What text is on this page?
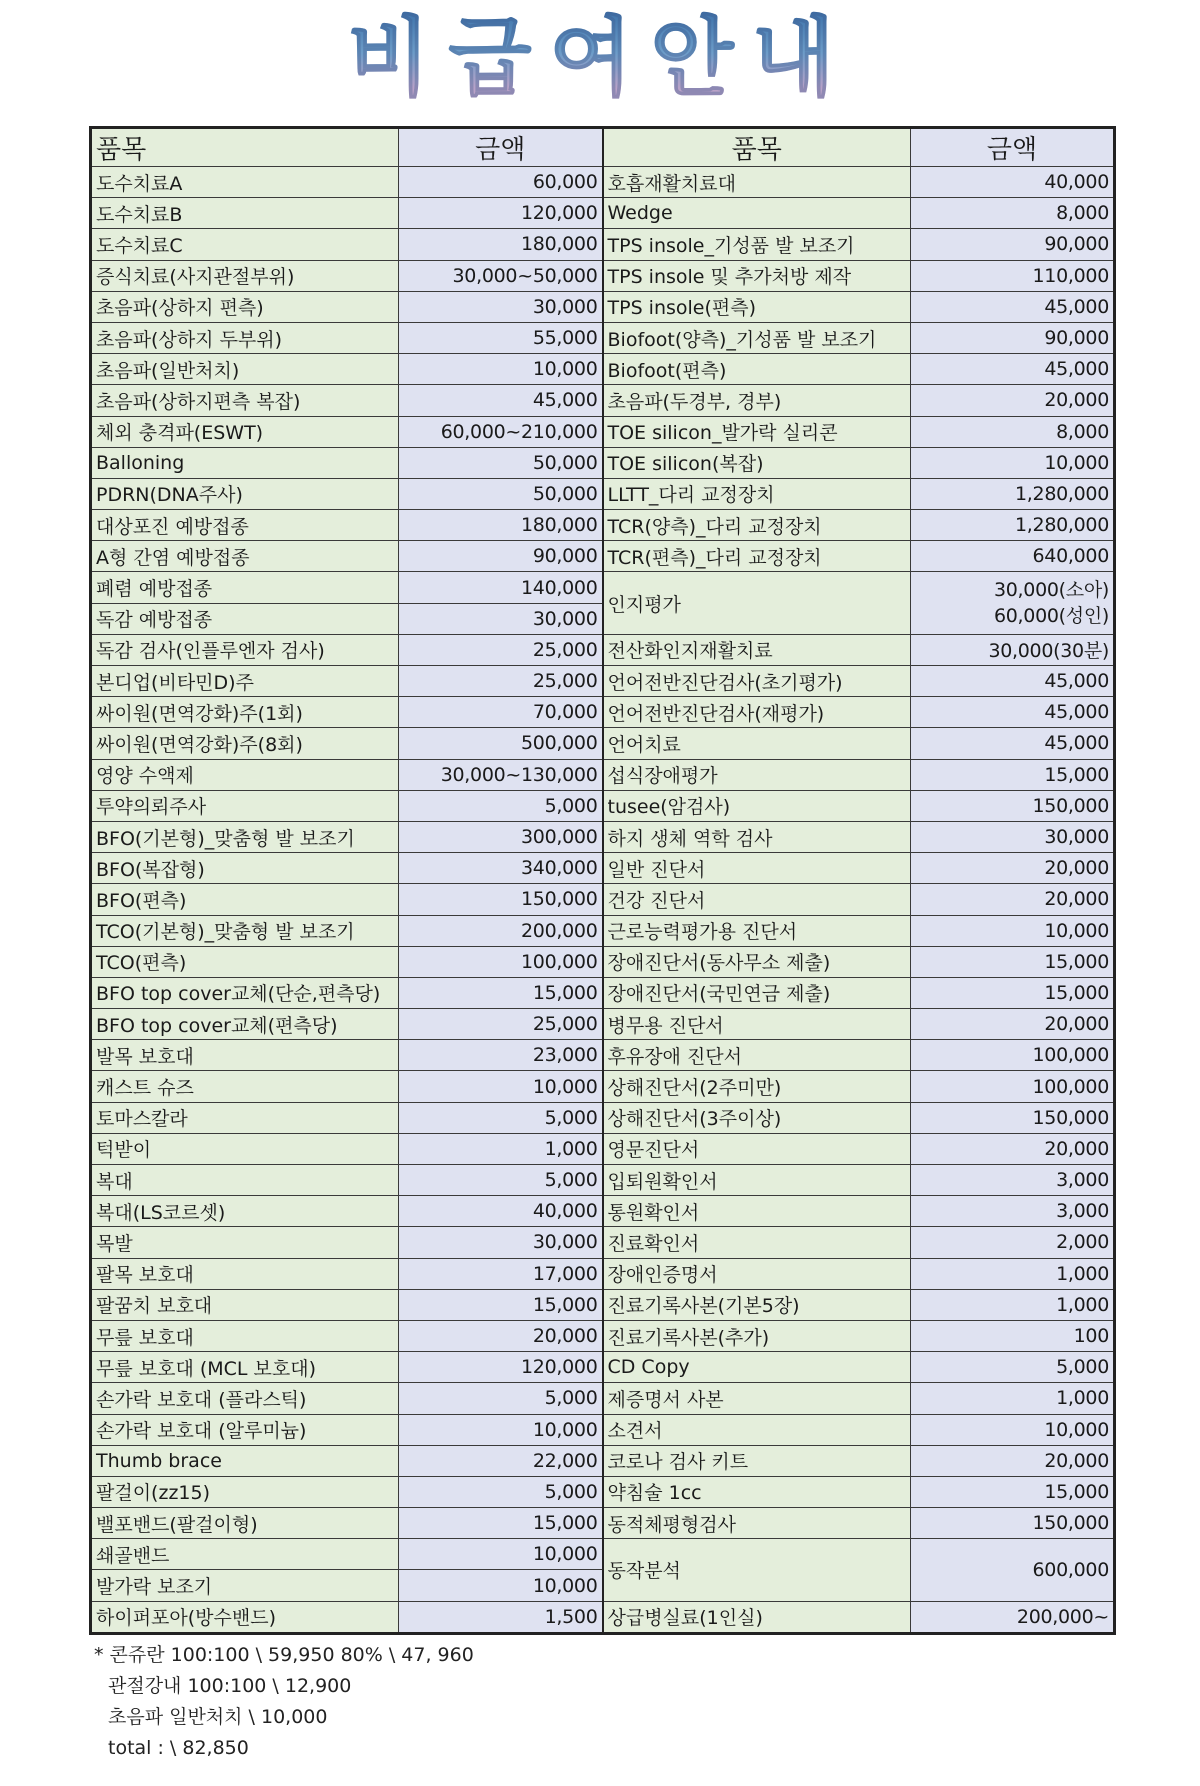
비급여안내
품목	금액	품목	금액
도수치료A	60,000	호흡재활치료대	40,000
도수치료B	120,000	Wedge	8,000
도수치료C	180,000	TPS insole_기성품 발 보조기	90,000
증식치료(사지관절부위)	30,000~50,000	TPS insole 및 추가처방 제작	110,000
초음파(상하지 편측)	30,000	TPS insole(편측)	45,000
초음파(상하지 두부위)	55,000	Biofoot(양측)_기성품 발 보조기	90,000
초음파(일반처치)	10,000	Biofoot(편측)	45,000
초음파(상하지편측 복잡)	45,000	초음파(두경부, 경부)	20,000
체외 충격파(ESWT)	60,000~210,000	TOE silicon_발가락 실리콘	8,000
Balloning	50,000	TOE silicon(복잡)	10,000
PDRN(DNA주사)	50,000	LLTT_다리 교정장치	1,280,000
대상포진 예방접종	180,000	TCR(양측)_다리 교정장치	1,280,000
A형 간염 예방접종	90,000	TCR(편측)_다리 교정장치	640,000
폐렴 예방접종	140,000	인지평가	30,000(소아)
60,000(성인)

독감 예방접종	30,000		
독감 검사(인플루엔자 검사)	25,000	전산화인지재활치료	30,000(30분)
본디업(비타민D)주	25,000	언어전반진단검사(초기평가)	45,000
싸이원(면역강화)주(1회)	70,000	언어전반진단검사(재평가)	45,000
싸이원(면역강화)주(8회)	500,000	언어치료	45,000
영양 수액제	30,000~130,000	섭식장애평가	15,000
투약의뢰주사	5,000	tusee(암검사)	150,000
BFO(기본형)_맞춤형 발 보조기	300,000	하지 생체 역학 검사	30,000
BFO(복잡형)	340,000	일반 진단서	20,000
BFO(편측)	150,000	건강 진단서	20,000
TCO(기본형)_맞춤형 발 보조기	200,000	근로능력평가용 진단서	10,000
TCO(편측)	100,000	장애진단서(동사무소 제출)	15,000
BFO top cover교체(단순,편측당)	15,000	장애진단서(국민연금 제출)	15,000
BFO top cover교체(편측당)	25,000	병무용 진단서	20,000
발목 보호대	23,000	후유장애 진단서	100,000
캐스트 슈즈	10,000	상해진단서(2주미만)	100,000
토마스칼라	5,000	상해진단서(3주이상)	150,000
턱받이	1,000	영문진단서	20,000
복대	5,000	입퇴원확인서	3,000
복대(LS코르셋)	40,000	통원확인서	3,000
목발	30,000	진료확인서	2,000
팔목 보호대	17,000	장애인증명서	1,000
팔꿈치 보호대	15,000	진료기록사본(기본5장)	1,000
무릎 보호대	20,000	진료기록사본(추가)	100
무릎 보호대 (MCL 보호대)	120,000	CD Copy	5,000
손가락 보호대 (플라스틱)	5,000	제증명서 사본	1,000
손가락 보호대 (알루미늄)	10,000	소견서	10,000
Thumb brace	22,000	코로나 검사 키트	20,000
팔걸이(zz15)	5,000	약침술 1cc	15,000
밸포밴드(팔걸이형)	15,000	동적체평형검사	150,000
쇄골밴드	10,000	동작분석	600,000

발가락 보조기	10,000		
하이퍼포아(방수밴드)	1,500	상급병실료(1인실)	200,000~
* 콘쥬란 100:100 \ 59,950 80% \ 47, 960
관절강내 100:100 \ 12,900
초음파 일반처치 \ 10,000
total : \ 82,850
